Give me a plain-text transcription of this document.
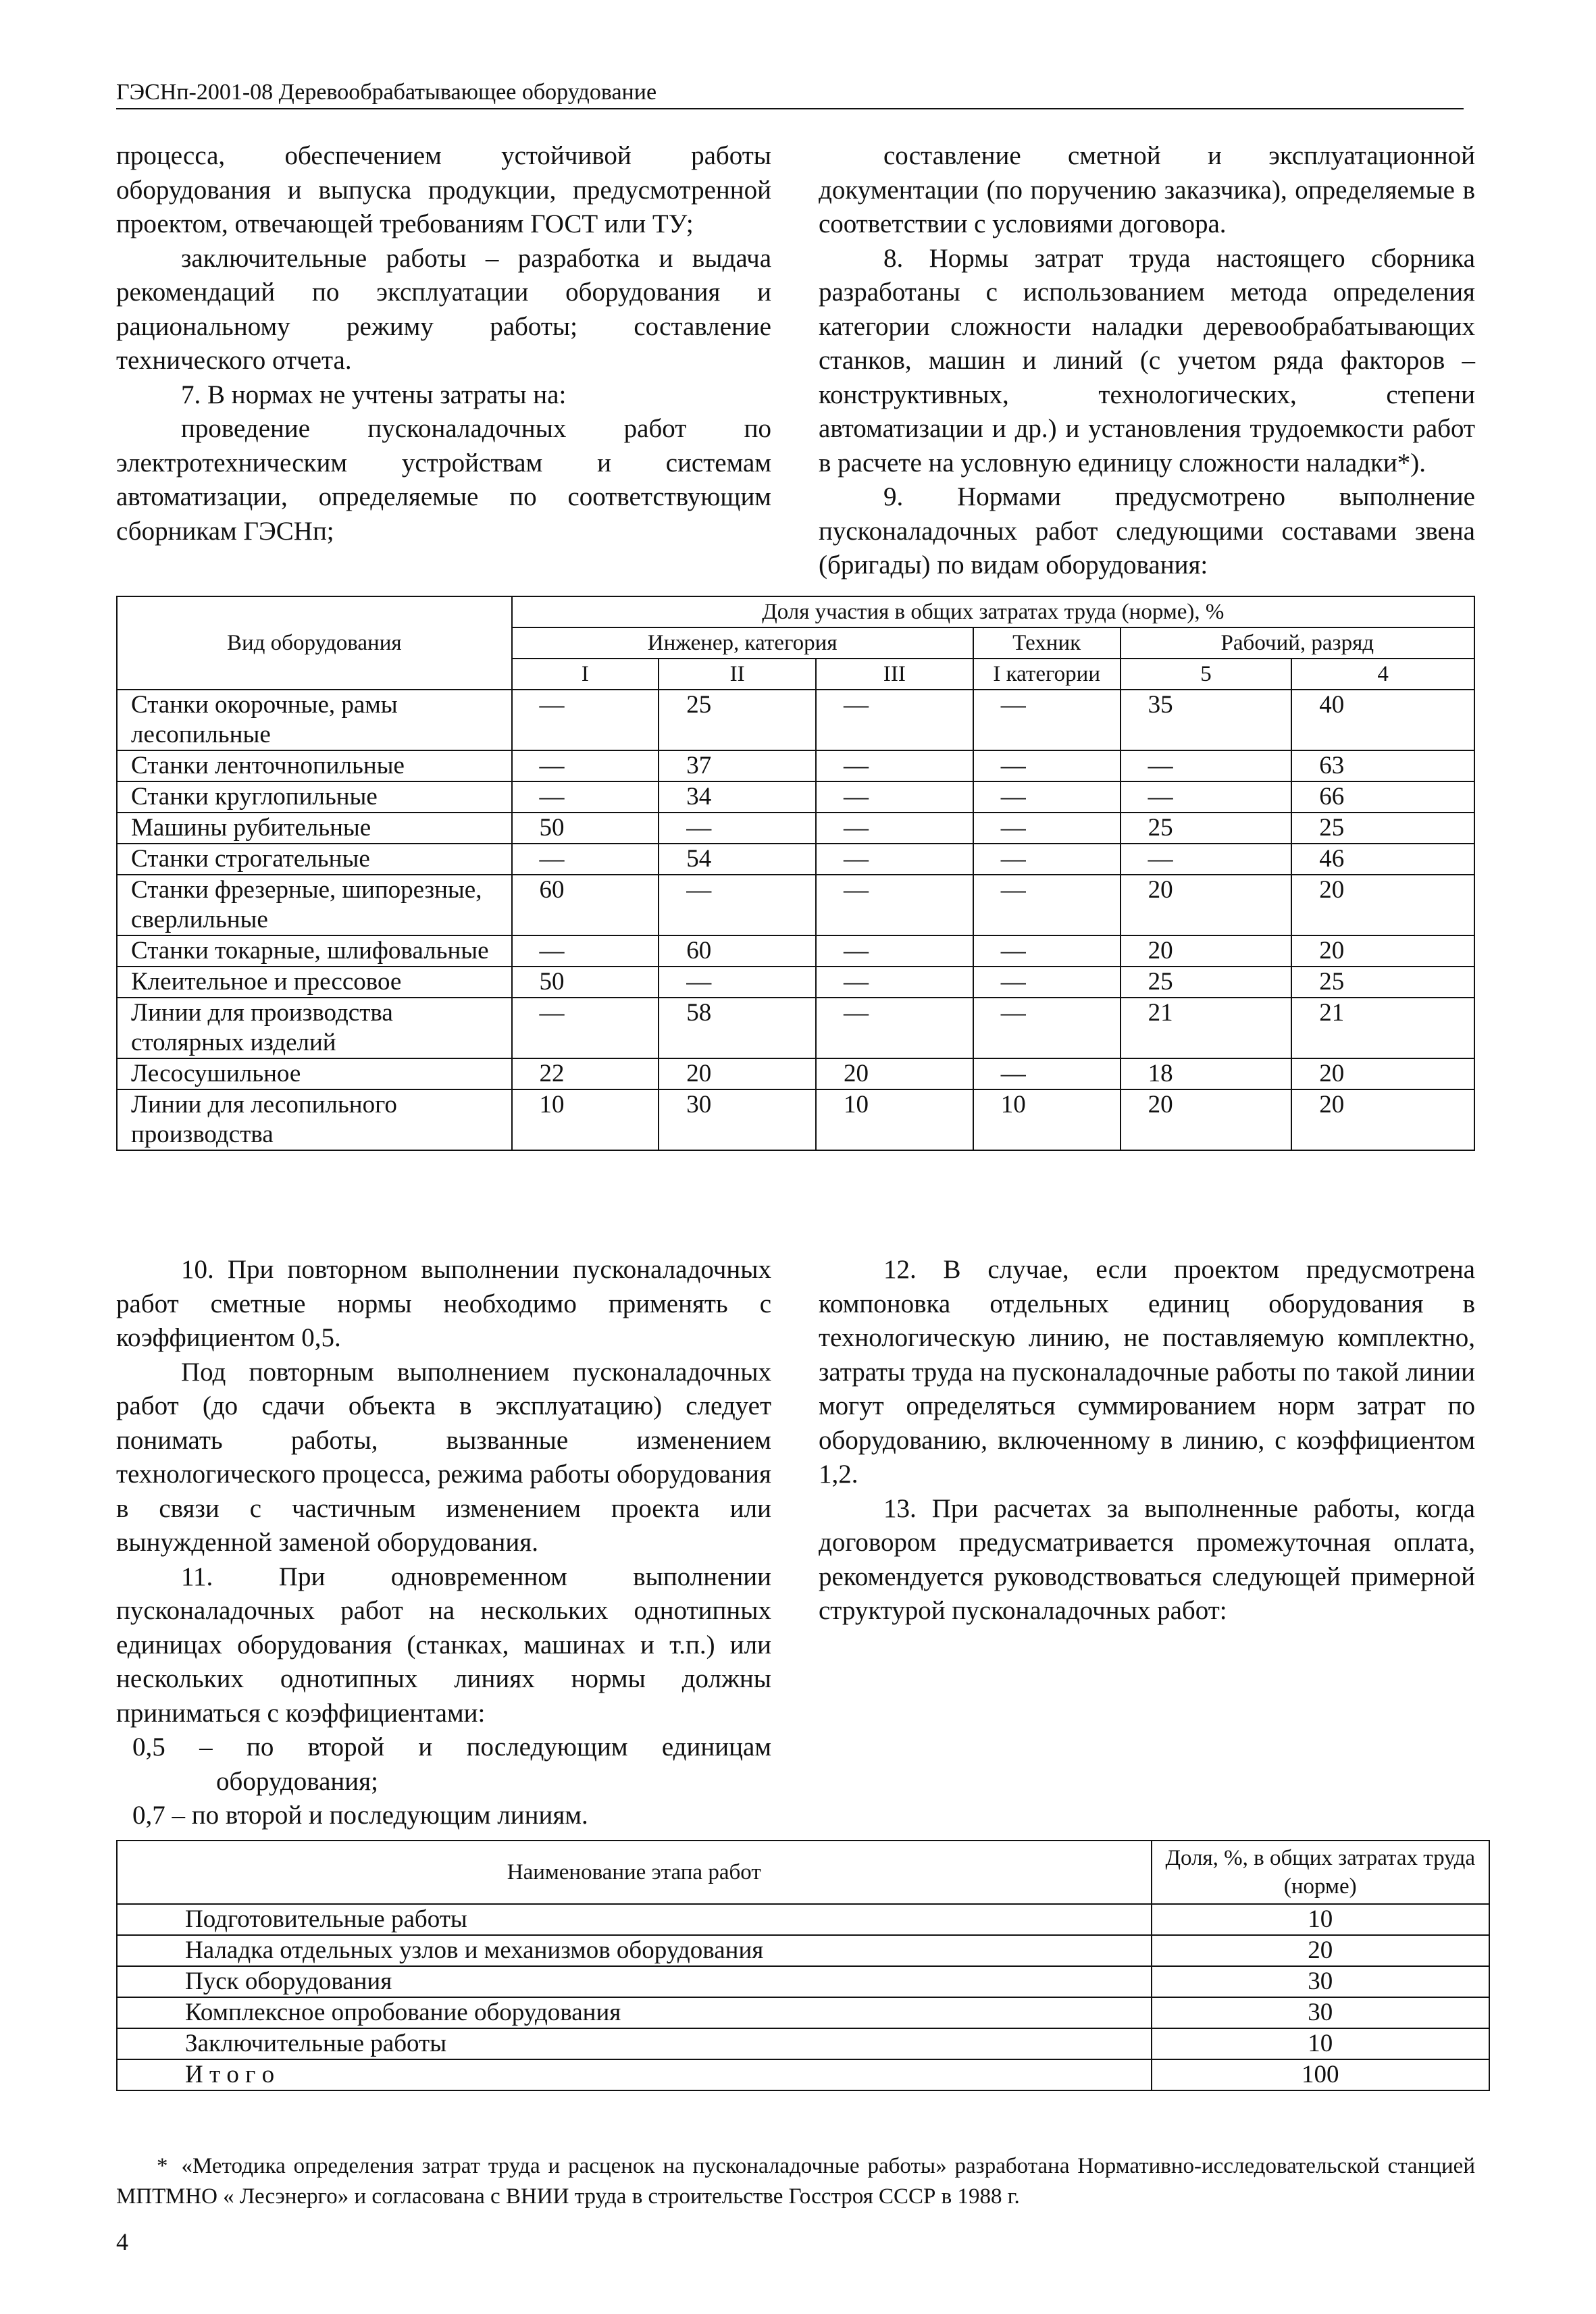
ГЭСНп-2001-08 Деревообрабатывающее оборудование

процесса, обеспечением устойчивой работы оборудования и выпуска продукции, предусмотренной проектом, отвечающей требованиям ГОСТ или ТУ;

заключительные работы – разработка и выдача рекомендаций по эксплуатации оборудования и рациональному режиму работы; составление технического отчета.

7. В нормах не учтены затраты на:

проведение пусконаладочных работ по электротехническим устройствам и системам автоматизации, определяемые по соответствующим сборникам ГЭСНп;

составление сметной и эксплуатационной документации (по поручению заказчика), определяемые в соответствии с условиями договора.

8. Нормы затрат труда настоящего сборника разработаны с использованием метода определения категории сложности наладки деревообрабатывающих станков, машин и линий (с учетом ряда факторов – конструктивных, технологических, степени автоматизации и др.) и установления трудоемкости работ в расчете на условную единицу сложности наладки*).

9. Нормами предусмотрено выполнение пусконаладочных работ следующими составами звена (бригады) по видам оборудования:

Вид оборудования	Доля участия в общих затратах труда (норме), %					
	Инженер, категория			Техник	Рабочий, разряд	
	I	II	III	I категории	5	4
Станки окорочные, рамы лесопильные	—	25	—	—	35	40
Станки ленточнопильные	—	37	—	—	—	63
Станки круглопильные	—	34	—	—	—	66
Машины рубительные	50	—	—	—	25	25
Станки строгательные	—	54	—	—	—	46
Станки фрезерные, шипорезные, сверлильные	60	—	—	—	20	20
Станки токарные, шлифовальные	—	60	—	—	20	20
Клеительное и прессовое	50	—	—	—	25	25
Линии для производства столярных изделий	—	58	—	—	21	21
Лесосушильное	22	20	20	—	18	20
Линии для лесопильного производства	10	30	10	10	20	20

10. При повторном выполнении пусконаладочных работ сметные нормы необходимо применять с коэффициентом 0,5.

Под повторным выполнением пусконаладочных работ (до сдачи объекта в эксплуатацию) следует понимать работы, вызванные изменением технологического процесса, режима работы оборудования в связи с частичным изменением проекта или вынужденной заменой оборудования.

11. При одновременном выполнении пусконаладочных работ на нескольких однотипных единицах оборудования (станках, машинах и т.п.) или нескольких однотипных линиях нормы должны приниматься с коэффициентами:

0,5 – по второй и последующим единицам оборудования;

0,7 – по второй и последующим линиям.

12. В случае, если проектом предусмотрена компоновка отдельных единиц оборудования в технологическую линию, не поставляемую комплектно, затраты труда на пусконаладочные работы по такой линии могут определяться суммированием норм затрат по оборудованию, включенному в линию, с коэффициентом 1,2.

13. При расчетах за выполненные работы, когда договором предусматривается промежуточная оплата, рекомендуется руководствоваться следующей примерной структурой пусконаладочных работ:

Наименование этапа работ	Доля, %, в общих затратах труда (норме)
Подготовительные работы	10
Наладка отдельных узлов и механизмов оборудования	20
Пуск оборудования	30
Комплексное опробование оборудования	30
Заключительные работы	10
И т о г о	100
* «Методика определения затрат труда и расценок на пусконаладочные работы» разработана Нормативно-исследовательской станцией МПТМНО « Лесэнерго» и согласована с ВНИИ труда в строительстве Госстроя СССР в 1988 г.
4
